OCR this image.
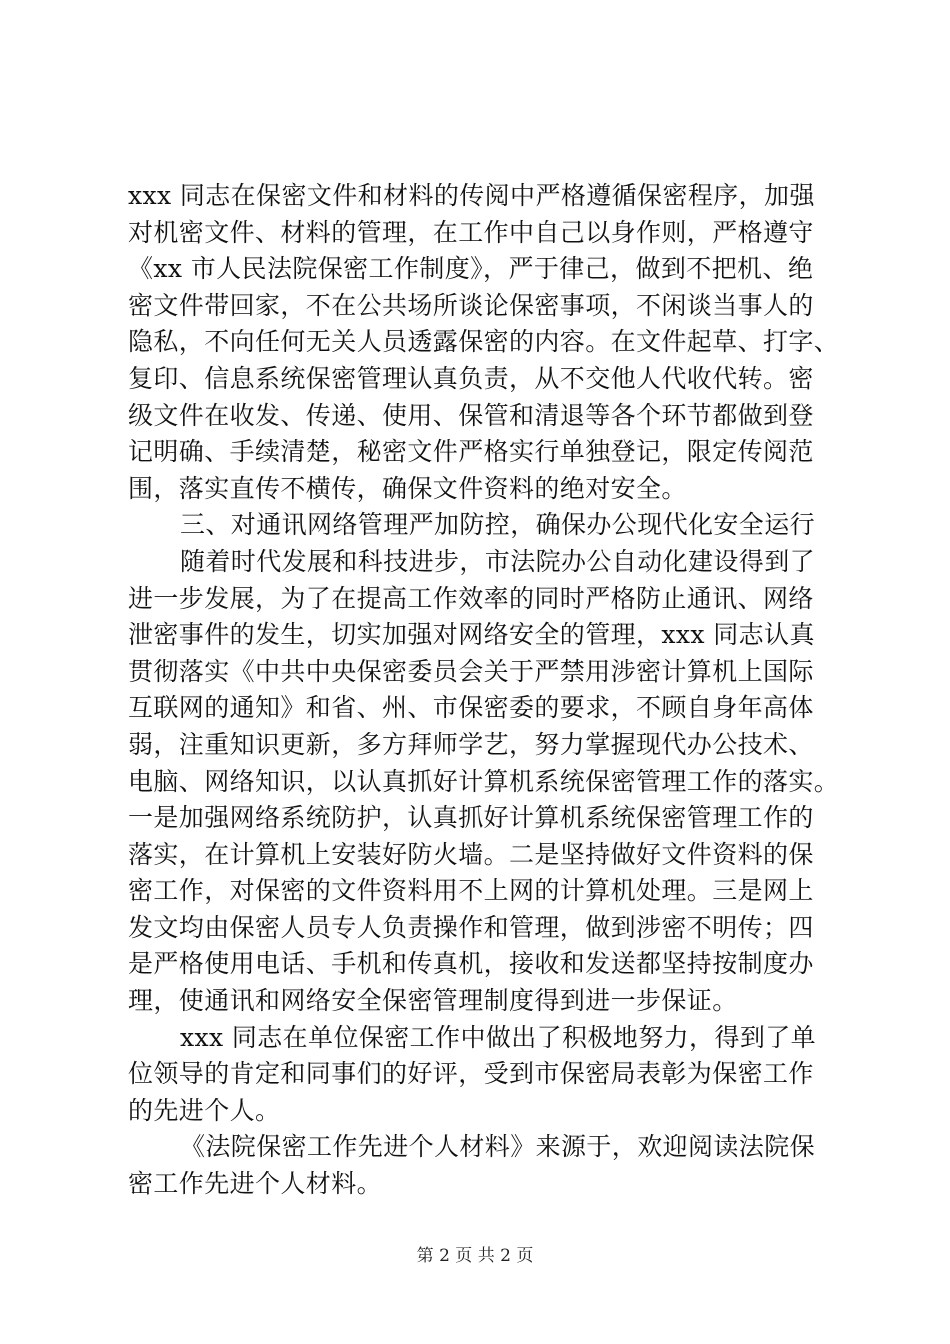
xxx 同志在保密文件和材料的传阅中严格遵循保密程序，加强
对机密文件、材料的管理，在工作中自己以身作则，严格遵守
《xx 市人民法院保密工作制度》，严于律己，做到不把机、绝
密文件带回家，不在公共场所谈论保密事项，不闲谈当事人的
隐私，不向任何无关人员透露保密的内容。在文件起草、打字、
复印、信息系统保密管理认真负责，从不交他人代收代转。密
级文件在收发、传递、使用、保管和清退等各个环节都做到登
记明确、手续清楚，秘密文件严格实行单独登记，限定传阅范
围，落实直传不横传，确保文件资料的绝对安全。
三、对通讯网络管理严加防控，确保办公现代化安全运行
随着时代发展和科技进步，市法院办公自动化建设得到了
进一步发展，为了在提高工作效率的同时严格防止通讯、网络
泄密事件的发生，切实加强对网络安全的管理，xxx 同志认真
贯彻落实《中共中央保密委员会关于严禁用涉密计算机上国际
互联网的通知》和省、州、市保密委的要求，不顾自身年高体
弱，注重知识更新，多方拜师学艺，努力掌握现代办公技术、
电脑、网络知识，以认真抓好计算机系统保密管理工作的落实。
一是加强网络系统防护，认真抓好计算机系统保密管理工作的
落实，在计算机上安装好防火墙。二是坚持做好文件资料的保
密工作，对保密的文件资料用不上网的计算机处理。三是网上
发文均由保密人员专人负责操作和管理，做到涉密不明传；四
是严格使用电话、手机和传真机，接收和发送都坚持按制度办
理，使通讯和网络安全保密管理制度得到进一步保证。
xxx 同志在单位保密工作中做出了积极地努力，得到了单
位领导的肯定和同事们的好评，受到市保密局表彰为保密工作
的先进个人。
《法院保密工作先进个人材料》来源于，欢迎阅读法院保
密工作先进个人材料。
第 2 页 共 2 页
